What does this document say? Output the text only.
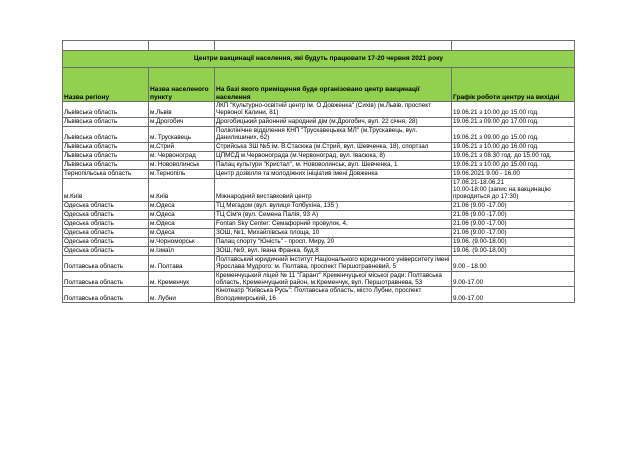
Центри вакцинації населення, які будуть працювати 17-20 червня 2021 року			
Назва регіону	Назва населеного пункту	На базі якого приміщення буде організовано центр вакцинації населення	Графік роботи центру на вихідні
Львівська область	м.Львів	ЛКП "Культурно-освітній центр ім. О.Довженка" (Сихів) (м.Львів, проспект Червоної Калини, 81)	19.06.21 з 10.00 до 15.00 год.
Львівська область	м.Дрогобич	Дрогобицький районний народний дім (м.Дрогобич, вул. 22 січня, 28)	19.06.21 з 09.00 до 17.00 год.
Львівська область	м. Трускавець	Поліклінічне відділення КНП "Трускавецькка МЛ" (м.Трускавець, вул. Данилишиних, 62)	19.06.21 з 09.00 до 15.00 год.
Львівська область	м.Стрий	Стрийська ЗШ №5 ім. В.Стасюка (м.Стрий, вул. Шевченка, 18), спортзал	19.06.21 з 10.00 до 16.00 год.
Львівська область	м. Червоноград	ЦПМСД м.Червонограда (м.Червоноград, вул. Івасюка, 8)	19.06.21 з 08.30 год. до 15.00 год.
Львівська область	м. Нововолинськ	Палац культури "Кристал", м. Нововолинськ, вул. Шевченка, 1	19.06.21 з 10.00 до 15.00 год.
Тернопільська область	м.Тернопіль	Центр дозвілля та молодіжних ініціатив імені Довженка	19.06.2021 9.00 - 16.00
м.Київ	м.Київ	Міжнародний виставковий центр	17.06.21-18.06.21
10.00-18:00 (запис на вакцинацію проводиться до 17:30)
Одеська область	м.Одеса	ТЦ Мегадом (вул. вулиця Толбухіна, 135 )	21.06 (9.00 -17.00)
Одеська область	м.Одеса	ТЦ Сім'я (вул. Семена Палія, 93 А)	21.06 (9.00 -17.00)
Одеська область	м.Одеса	Fontan Sky Center: Семафорний провулок, 4,	21.06 (9.00 -17.00)
Одеська область	м.Одеса	ЗОШ, №1, Михайлівська площа, 10	21.06 (9.00 -17.00)
Одеська область	м.Чорноморськ	Палац спорту "Юність" - просп. Миру, 20	19.06. (9.00-18.00)
Одеська область	м.Ізмаїл	ЗОШ, №9, вул. Івана Франка, буд.8	19.06. (9.00-18.00)
Полтавська область	м. Полтава	Полтавський юридичний інститут Національного юридичного університету імені Ярослава Мудрого: м. Полтава, проспект Першотравневий, 5	9.00 - 18.00
Полтавська область	м. Кременчук	Кременчуцький ліцей № 11 "Гарант" Кременчуцької міської ради: Полтавська область, Кременчуцький район, м.Кременчук, вул. Першотравнева, 53	9.00-17.00
Полтавська область	м. Лубни	Кінотеатр "Київська Русь": Полтавська область, місто Лубни, проспект Володимирський, 16	9.00-17.00
